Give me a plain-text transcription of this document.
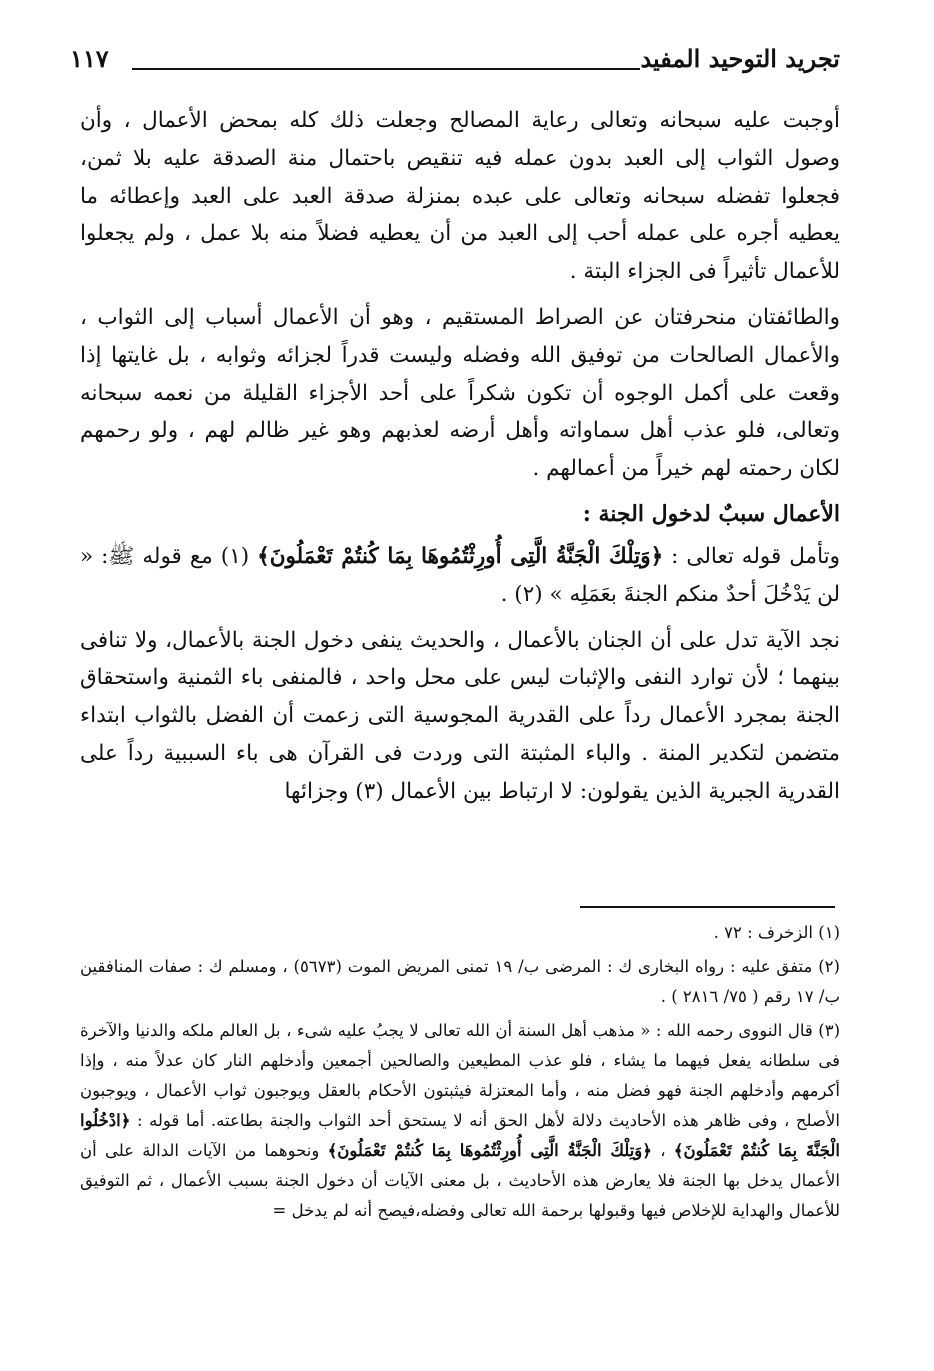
تجريد التوحيد المفيد
١١٧

أوجبت عليه سبحانه وتعالى رعاية المصالح وجعلت ذلك كله بمحض الأعمال ، وأن وصول الثواب إلى العبد بدون عمله فيه تنقيص باحتمال منة الصدقة عليه بلا ثمن، فجعلوا تفضله سبحانه وتعالى على عبده بمنزلة صدقة العبد على العبد وإعطائه ما يعطيه أجره على عمله أحب إلى العبد من أن يعطيه فضلاً منه بلا عمل ، ولم يجعلوا للأعمال تأثيراً فى الجزاء البتة .

والطائفتان منحرفتان عن الصراط المستقيم ، وهو أن الأعمال أسباب إلى الثواب ، والأعمال الصالحات من توفيق الله وفضله وليست قدراً لجزائه وثوابه ، بل غايتها إذا وقعت على أكمل الوجوه أن تكون شكراً على أحد الأجزاء القليلة من نعمه سبحانه وتعالى، فلو عذب أهل سماواته وأهل أرضه لعذبهم وهو غير ظالم لهم ، ولو رحمهم لكان رحمته لهم خيراً من أعمالهم .

الأعمال سببٌ لدخول الجنة :

وتأمل قوله تعالى : ﴿وَتِلْكَ الْجَنَّةُ الَّتِى أُورِثْتُمُوهَا بِمَا كُنتُمْ تَعْمَلُونَ﴾ (١) مع قوله ﷺ: « لن يَدْخُلَ أحدٌ منكم الجنةَ بعَمَلِه » (٢) .

نجد الآية تدل على أن الجنان بالأعمال ، والحديث ينفى دخول الجنة بالأعمال، ولا تنافى بينهما ؛ لأن توارد النفى والإثبات ليس على محل واحد ، فالمنفى باء الثمنية واستحقاق الجنة بمجرد الأعمال رداً على القدرية المجوسية التى زعمت أن الفضل بالثواب ابتداء متضمن لتكدير المنة . والباء المثبتة التى وردت فى القرآن هى باء السببية رداً على القدرية الجبرية الذين يقولون: لا ارتباط بين الأعمال (٣) وجزائها

(١) الزخرف : ٧٢ .

(٢) متفق عليه : رواه البخارى ك : المرضى ب/ ١٩ تمنى المريض الموت (٥٦٧٣) ، ومسلم ك : صفات المنافقين ب/ ١٧ رقم ( ٧٥/ ٢٨١٦ ) .

(٣) قال النووى رحمه الله : « مذهب أهل السنة أن الله تعالى لا يجبُ عليه شىء ، بل العالم ملكه والدنيا والآخرة فى سلطانه يفعل فيهما ما يشاء ، فلو عذب المطيعين والصالحين أجمعين وأدخلهم النار كان عدلاً منه ، وإذا أكرمهم وأدخلهم الجنة فهو فضل منه ، وأما المعتزلة فيثبتون الأحكام بالعقل ويوجبون ثواب الأعمال ، ويوجبون الأصلح ، وفى ظاهر هذه الأحاديث دلالة لأهل الحق أنه لا يستحق أحد الثواب والجنة بطاعته. أما قوله : ﴿ادْخُلُوا الْجَنَّةَ بِمَا كُنتُمْ تَعْمَلُونَ﴾ ، ﴿وَتِلْكَ الْجَنَّةُ الَّتِى أُورِثْتُمُوهَا بِمَا كُنتُمْ تَعْمَلُونَ﴾ ونحوهما من الآيات الدالة على أن الأعمال يدخل بها الجنة فلا يعارض هذه الأحاديث ، بل معنى الآيات أن دخول الجنة بسبب الأعمال ، ثم التوفيق للأعمال والهداية للإخلاص فيها وقبولها برحمة الله تعالى وفضله،فيصح أنه لم يدخل =
